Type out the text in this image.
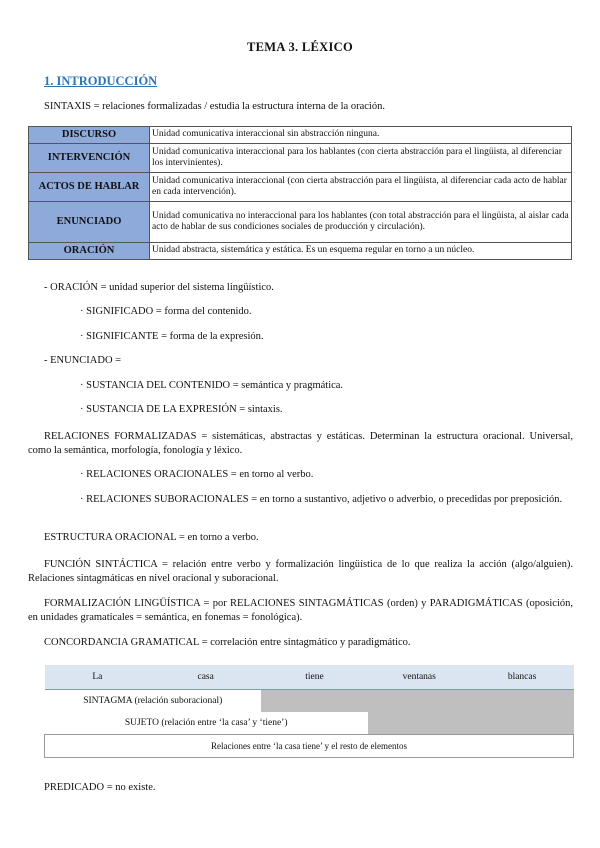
TEMA 3. LÉXICO
1. INTRODUCCIÓN
SINTAXIS = relaciones formalizadas / estudia la estructura interna de la oración.
DISCURSO	Unidad comunicativa interaccional sin abstracción ninguna.
INTERVENCIÓN	Unidad comunicativa interaccional para los hablantes (con cierta abstracción para el lingüista, al diferenciar los intervinientes).
ACTOS DE HABLAR	Unidad comunicativa interaccional (con cierta abstracción para el lingüista, al diferenciar cada acto de hablar en cada intervención).
ENUNCIADO	Unidad comunicativa no interaccional para los hablantes (con total abstracción para el lingüista, al aislar cada acto de hablar de sus condiciones sociales de producción y circulación).
ORACIÓN	Unidad abstracta, sistemática y estática. Es un esquema regular en torno a un núcleo.
- ORACIÓN = unidad superior del sistema lingüístico.
· SIGNIFICADO = forma del contenido.
· SIGNIFICANTE = forma de la expresión.
- ENUNCIADO =
· SUSTANCIA DEL CONTENIDO = semántica y pragmática.
· SUSTANCIA DE LA EXPRESIÓN = sintaxis.
RELACIONES FORMALIZADAS = sistemáticas, abstractas y estáticas. Determinan la estructura oracional. Universal, como la semántica, morfología, fonología y léxico.
· RELACIONES ORACIONALES = en torno al verbo.
· RELACIONES SUBORACIONALES = en torno a sustantivo, adjetivo o adverbio, o precedidas por preposición.
ESTRUCTURA ORACIONAL = en torno a verbo.
FUNCIÓN SINTÁCTICA = relación entre verbo y formalización lingüística de lo que realiza la acción (algo/alguien). Relaciones sintagmáticas en nivel oracional y suboracional.
FORMALIZACIÓN LINGÜÍSTICA = por RELACIONES SINTAGMÁTICAS (orden) y PARADIGMÁTICAS (oposición, en unidades gramaticales = semántica, en fonemas = fonológica).
CONCORDANCIA GRAMATICAL = correlación entre sintagmático y paradigmático.
La	casa	tiene	ventanas	blancas
SINTAGMA (relación suboracional)				
SUJETO (relación entre ‘la casa’ y ‘tiene’)				
Relaciones entre ‘la casa tiene’ y el resto de elementos				
PREDICADO = no existe.
